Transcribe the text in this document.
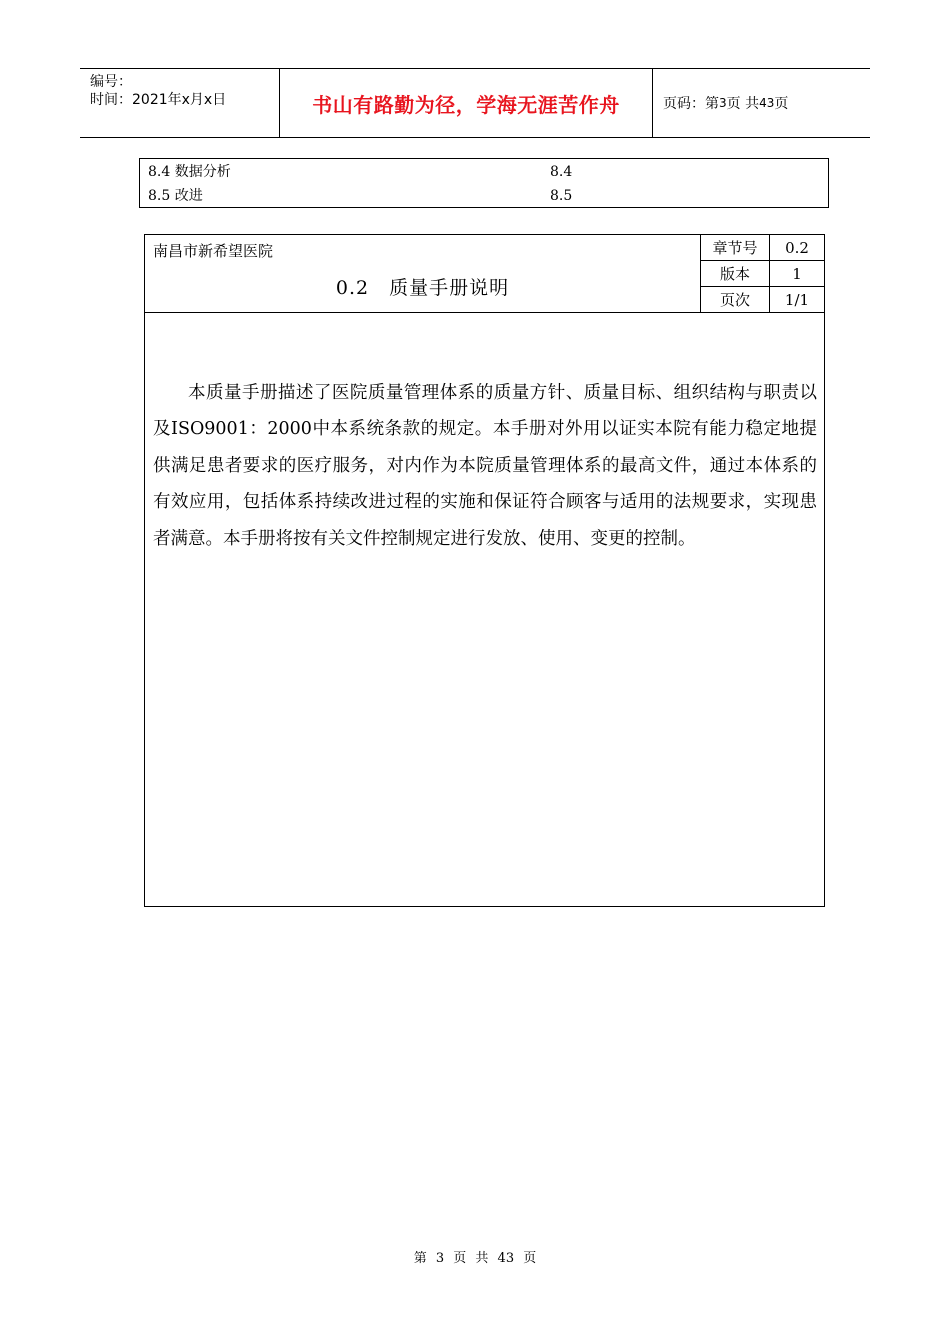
编号：
时间：2021年x月x日	书山有路勤为径，学海无涯苦作舟	页码：第 3 页 共 43 页
8.4 数据分析	8.4
8.5 改进	8.5
南昌市新希望医院
0.2　质量手册说明
章节号	0.2
版本	1
页次	1/1

本质量手册描述了医院质量管理体系的质量方针、质量目标、组织结构与职责以及ISO9001：2000中本系统条款的规定。本手册对外用以证实本院有能力稳定地提供满足患者要求的医疗服务，对内作为本院质量管理体系的最高文件，通过本体系的有效应用，包括体系持续改进过程的实施和保证符合顾客与适用的法规要求，实现患者满意。本手册将按有关文件控制规定进行发放、使用、变更的控制。

第 3 页 共 43 页
